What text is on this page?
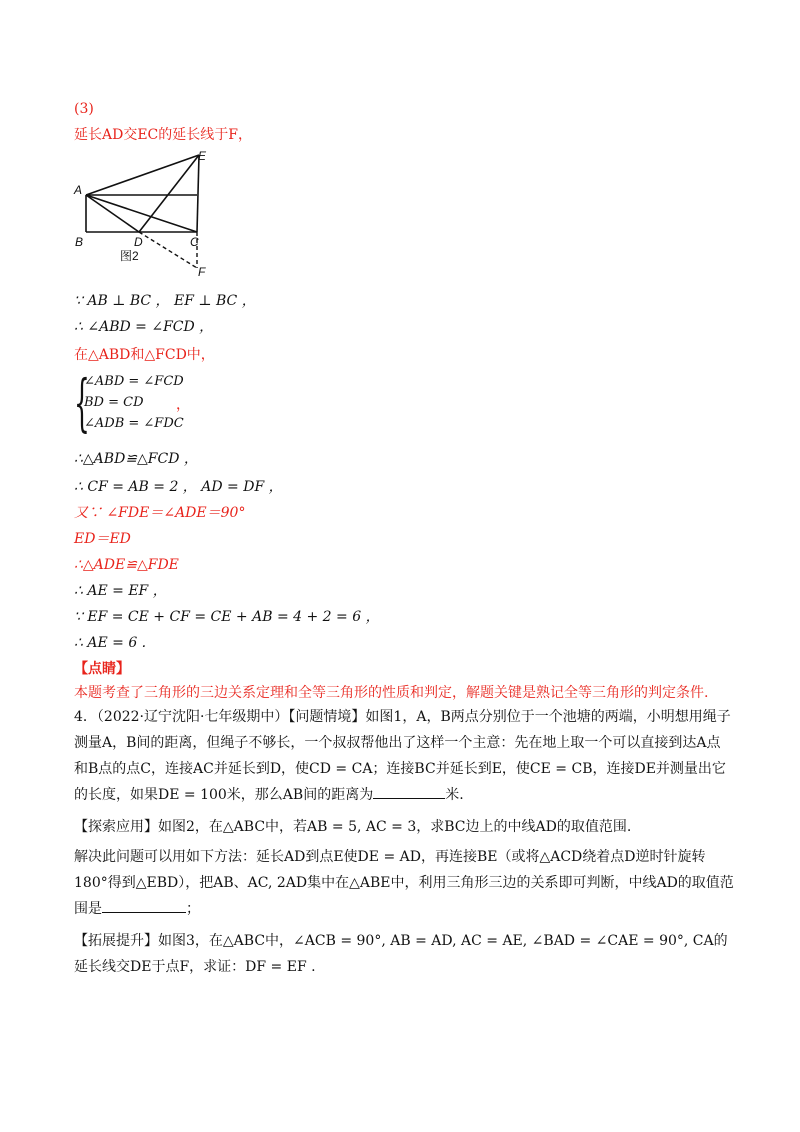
(3)
延长AD交EC的延长线于F，
A
B	C
D
E
F
图2
∵ AB ⊥ BC ， EF ⊥ BC ，
∴ ∠ABD = ∠FCD ，
在△ABD和△FCD中，
{
∠ABD = ∠FCD
BD = CD
∠ADB = ∠FDC
，
∴△ABD≌△FCD ，
∴ CF = AB = 2 ， AD = DF ，
又∵ ∠FDE＝∠ADE＝90°
ED＝ED
∴△ADE≌△FDE
∴ AE = EF ，
∵ EF = CE + CF = CE + AB = 4 + 2 = 6 ，
∴ AE = 6 .
【点睛】
本题考查了三角形的三边关系定理和全等三角形的性质和判定，解题关键是熟记全等三角形的判定条件.
4．（2022·辽宁沈阳·七年级期中）【问题情境】如图1，A，B两点分别位于一个池塘的两端，小明想用绳子测量A，B间的距离，但绳子不够长，一个叔叔帮他出了这样一个主意：先在地上取一个可以直接到达A点和B点的点C，连接AC并延长到D，使CD = CA；连接BC并延长到E，使CE = CB，连接DE并测量出它的长度，如果DE = 100米，那么AB间的距离为	米.
【探索应用】如图2，在△ABC中，若AB = 5, AC = 3，求BC边上的中线AD的取值范围.
解决此问题可以用如下方法：延长AD到点E使DE = AD，再连接BE（或将△ACD绕着点D逆时针旋转180°得到△EBD），把AB、AC, 2AD集中在△ABE中，利用三角形三边的关系即可判断，中线AD的取值范围是	；
【拓展提升】如图3，在△ABC中，∠ACB = 90°, AB = AD, AC = AE, ∠BAD = ∠CAE = 90°, CA的延长线交DE于点F，求证：DF = EF .
